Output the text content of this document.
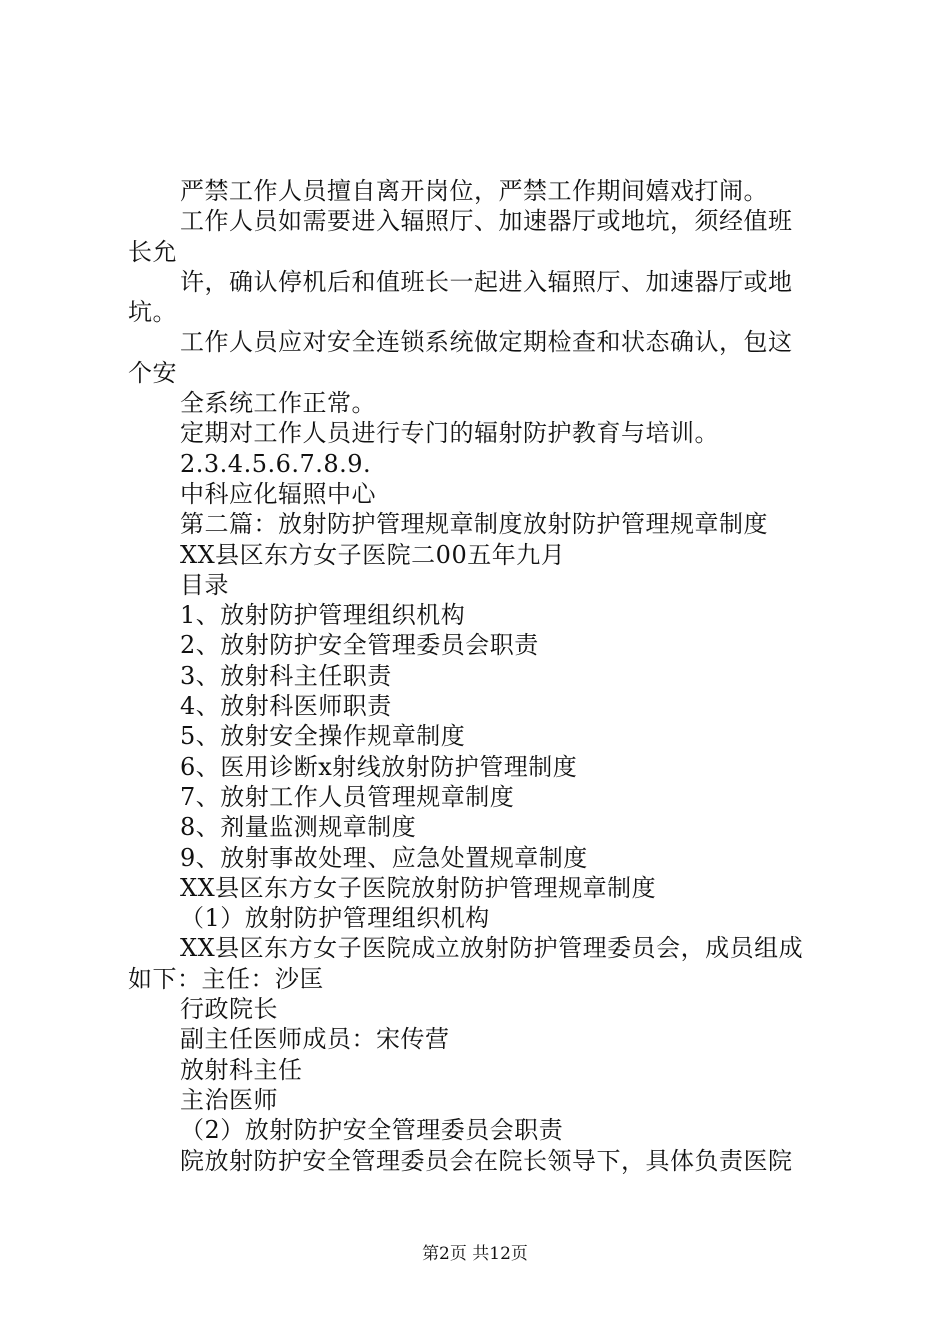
严禁工作人员擅自离开岗位，严禁工作期间嬉戏打闹。
工作人员如需要进入辐照厅、加速器厅或地坑，须经值班
长允
许，确认停机后和值班长一起进入辐照厅、加速器厅或地
坑。
工作人员应对安全连锁系统做定期检查和状态确认，包这
个安
全系统工作正常。
定期对工作人员进行专门的辐射防护教育与培训。
2.3.4.5.6.7.8.9.
中科应化辐照中心
第二篇：放射防护管理规章制度放射防护管理规章制度
XX县区东方女子医院二00五年九月
目录
1、放射防护管理组织机构
2、放射防护安全管理委员会职责
3、放射科主任职责
4、放射科医师职责
5、放射安全操作规章制度
6、医用诊断x射线放射防护管理制度
7、放射工作人员管理规章制度
8、剂量监测规章制度
9、放射事故处理、应急处置规章制度
XX县区东方女子医院放射防护管理规章制度
（1）放射防护管理组织机构
XX县区东方女子医院成立放射防护管理委员会，成员组成
如下：主任：沙匡
行政院长
副主任医师成员：宋传营
放射科主任
主治医师
（2）放射防护安全管理委员会职责
院放射防护安全管理委员会在院长领导下，具体负责医院
第2页 共12页
